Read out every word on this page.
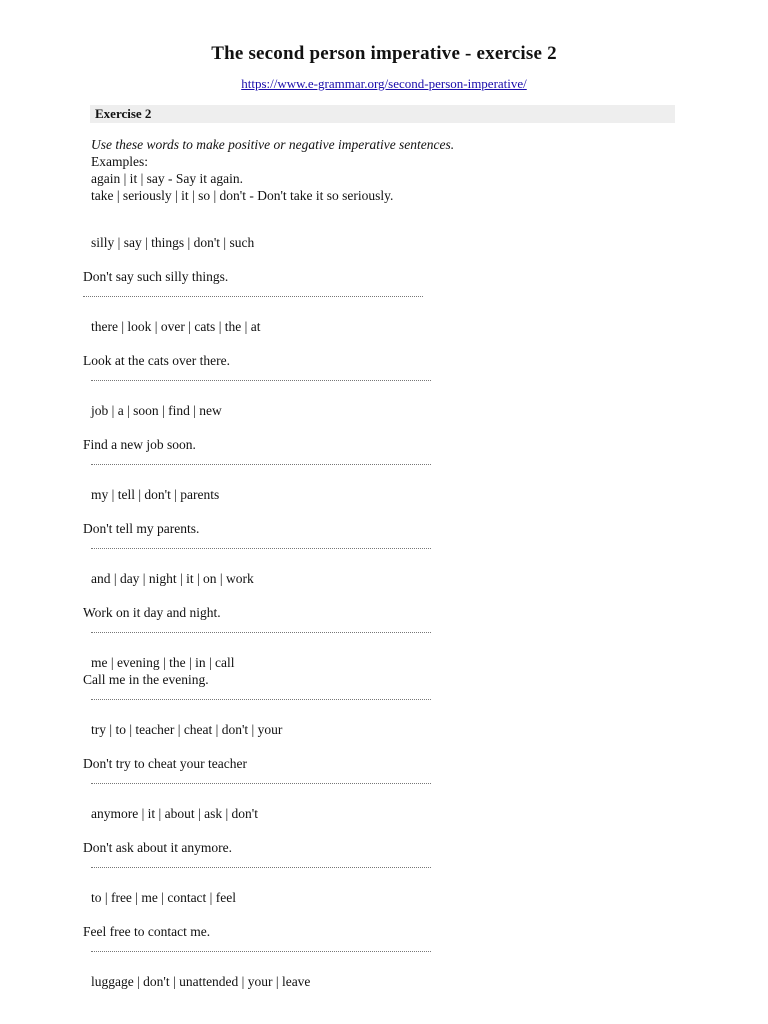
The second person imperative - exercise 2
https://www.e-grammar.org/second-person-imperative/
Exercise 2
Use these words to make positive or negative imperative sentences.
Examples:
again | it | say - Say it again.
take | seriously | it | so | don't - Don't take it so seriously.
silly | say | things | don't | such
Don't say such silly things.
there | look | over | cats | the | at
Look at the cats over there.
job | a | soon | find | new
Find a new job soon.
my | tell | don't | parents
Don't tell my parents.
and | day | night | it | on | work
Work on it day and night.
me | evening | the | in | call
Call me in the evening.
try | to | teacher | cheat | don't | your
Don't try to cheat your teacher
anymore | it | about | ask | don't
Don't ask about it anymore.
to | free | me | contact | feel
Feel free to contact me.
luggage | don't | unattended | your | leave
